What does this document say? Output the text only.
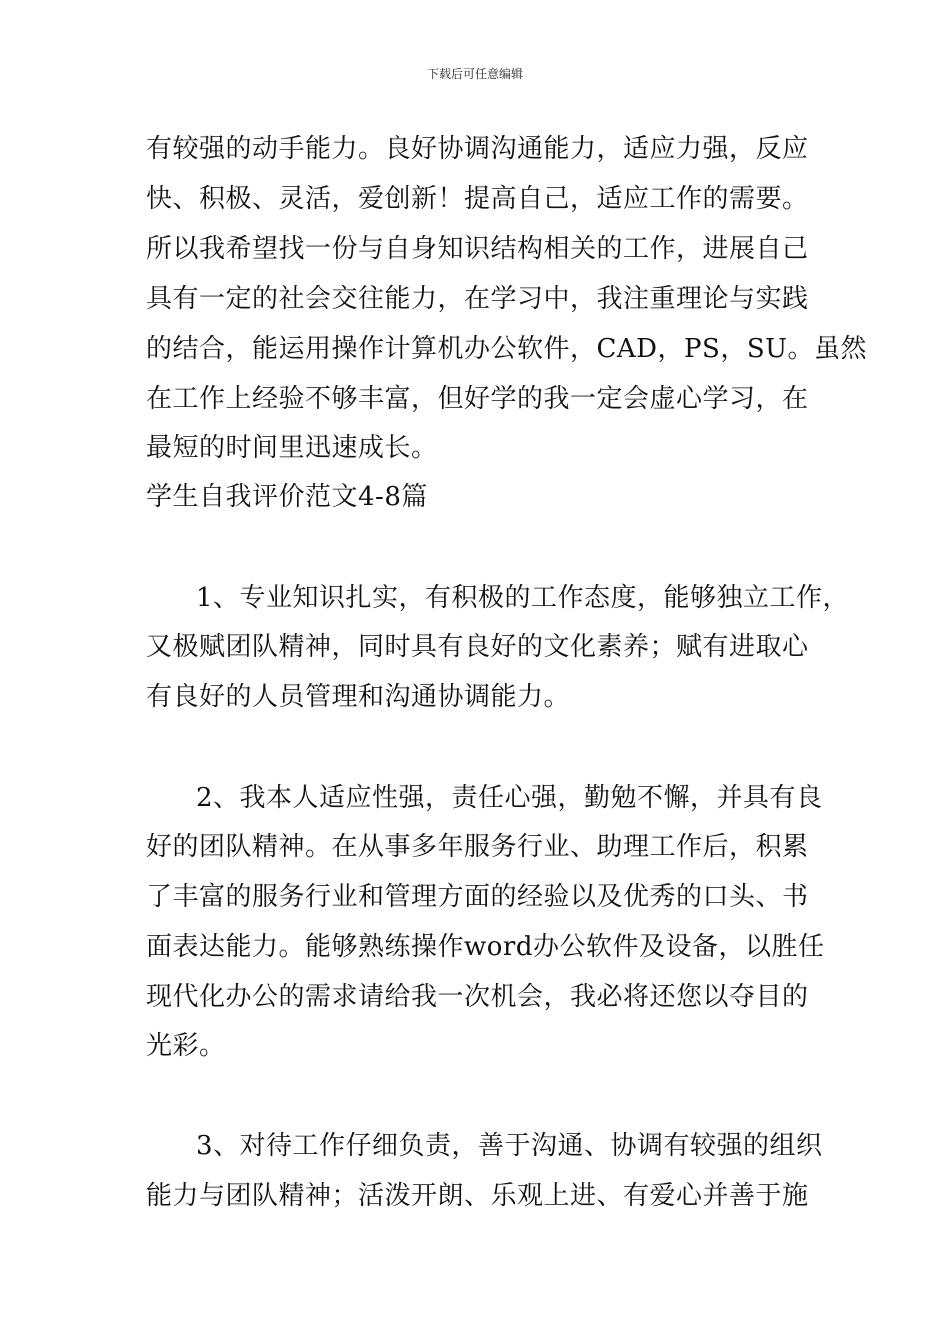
下载后可任意编辑
有较强的动手能力。良好协调沟通能力，适应力强，反应
快、积极、灵活，爱创新！提高自己，适应工作的需要。
所以我希望找一份与自身知识结构相关的工作，进展自己
具有一定的社会交往能力，在学习中，我注重理论与实践
的结合，能运用操作计算机办公软件，CAD，PS，SU。虽然
在工作上经验不够丰富，但好学的我一定会虚心学习，在
最短的时间里迅速成长。
学生自我评价范文4-8篇
1、专业知识扎实，有积极的工作态度，能够独立工作，
又极赋团队精神，同时具有良好的文化素养；赋有进取心
有良好的人员管理和沟通协调能力。
2、我本人适应性强，责任心强，勤勉不懈，并具有良
好的团队精神。在从事多年服务行业、助理工作后，积累
了丰富的服务行业和管理方面的经验以及优秀的口头、书
面表达能力。能够熟练操作word办公软件及设备，以胜任
现代化办公的需求请给我一次机会，我必将还您以夺目的
光彩。
3、对待工作仔细负责，善于沟通、协调有较强的组织
能力与团队精神；活泼开朗、乐观上进、有爱心并善于施
